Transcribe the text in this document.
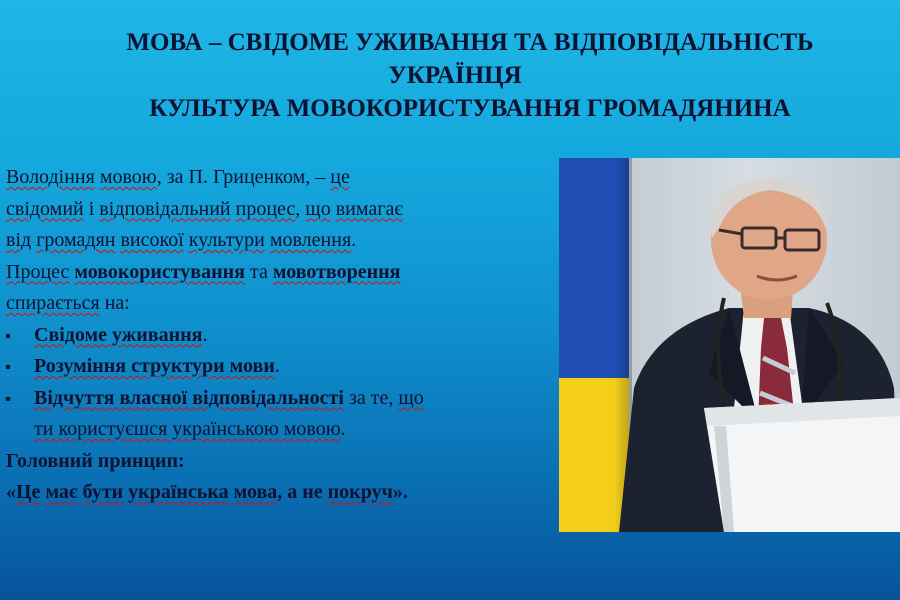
МОВА – СВІДОМЕ УЖИВАННЯ ТА ВІДПОВІДАЛЬНІСТЬ
УКРАЇНЦЯ
КУЛЬТУРА МОВОКОРИСТУВАННЯ ГРОМАДЯНИНА

Володіння мовою, за П. Гриценком, – це
свідомий і відповідальний процес, що вимагає
від громадян високої культури мовлення.

Процес мовокористування та мовотворення
спирається на:

Свідоме уживання.
Розуміння структури мови.
Відчуття власної відповідальності за те, що
ти користуєшся українською мовою.

Головний принцип:

«Це має бути українська мова, а не покруч».
